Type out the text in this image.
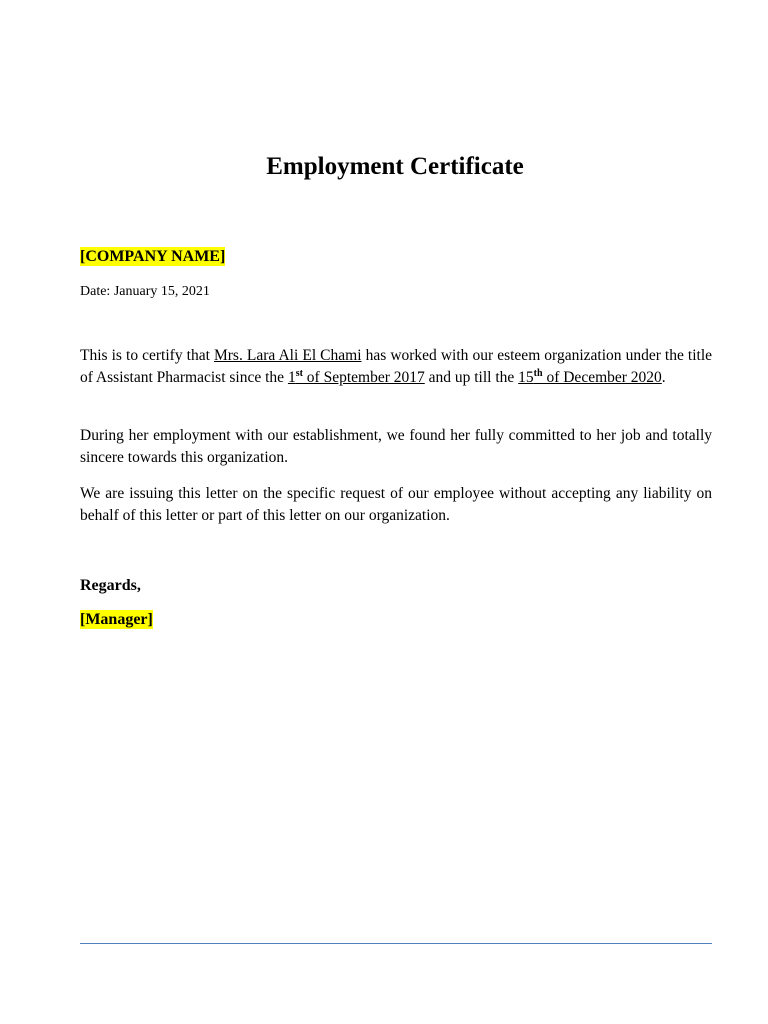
Employment Certificate

[COMPANY NAME]

Date: January 15, 2021

This is to certify that Mrs. Lara Ali El Chami has worked with our esteem organization under the title of Assistant Pharmacist since the 1st of September 2017 and up till the 15th of December 2020.

During her employment with our establishment, we found her fully committed to her job and totally sincere towards this organization.

We are issuing this letter on the specific request of our employee without accepting any liability on behalf of this letter or part of this letter on our organization.

Regards,

[Manager]
